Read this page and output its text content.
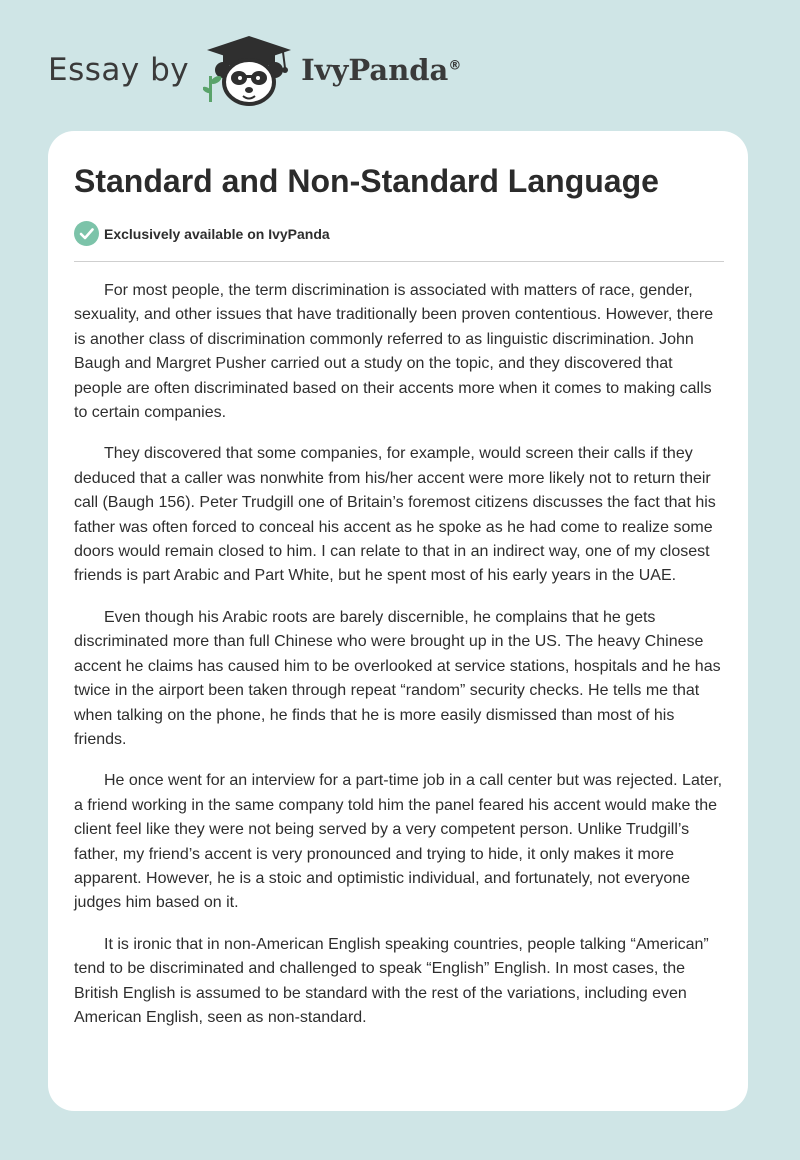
Essay by	IvyPanda®
Standard and Non-Standard Language
Exclusively available on IvyPanda

For most people, the term discrimination is associated with matters of race, gender, sexuality, and other issues that have traditionally been proven contentious. However, there is another class of discrimination commonly referred to as linguistic discrimination. John Baugh and Margret Pusher carried out a study on the topic, and they discovered that people are often discriminated based on their accents more when it comes to making calls to certain companies.

They discovered that some companies, for example, would screen their calls if they deduced that a caller was nonwhite from his/her accent were more likely not to return their call (Baugh 156). Peter Trudgill one of Britain’s foremost citizens discusses the fact that his father was often forced to conceal his accent as he spoke as he had come to realize some doors would remain closed to him. I can relate to that in an indirect way, one of my closest friends is part Arabic and Part White, but he spent most of his early years in the UAE.

Even though his Arabic roots are barely discernible, he complains that he gets discriminated more than full Chinese who were brought up in the US. The heavy Chinese accent he claims has caused him to be overlooked at service stations, hospitals and he has twice in the airport been taken through repeat “random” security checks. He tells me that when talking on the phone, he finds that he is more easily dismissed than most of his friends.

He once went for an interview for a part-time job in a call center but was rejected. Later, a friend working in the same company told him the panel feared his accent would make the client feel like they were not being served by a very competent person. Unlike Trudgill’s father, my friend’s accent is very pronounced and trying to hide, it only makes it more apparent. However, he is a stoic and optimistic individual, and fortunately, not everyone judges him based on it.

It is ironic that in non-American English speaking countries, people talking “American” tend to be discriminated and challenged to speak “English” English. In most cases, the British English is assumed to be standard with the rest of the variations, including even American English, seen as non-standard.
